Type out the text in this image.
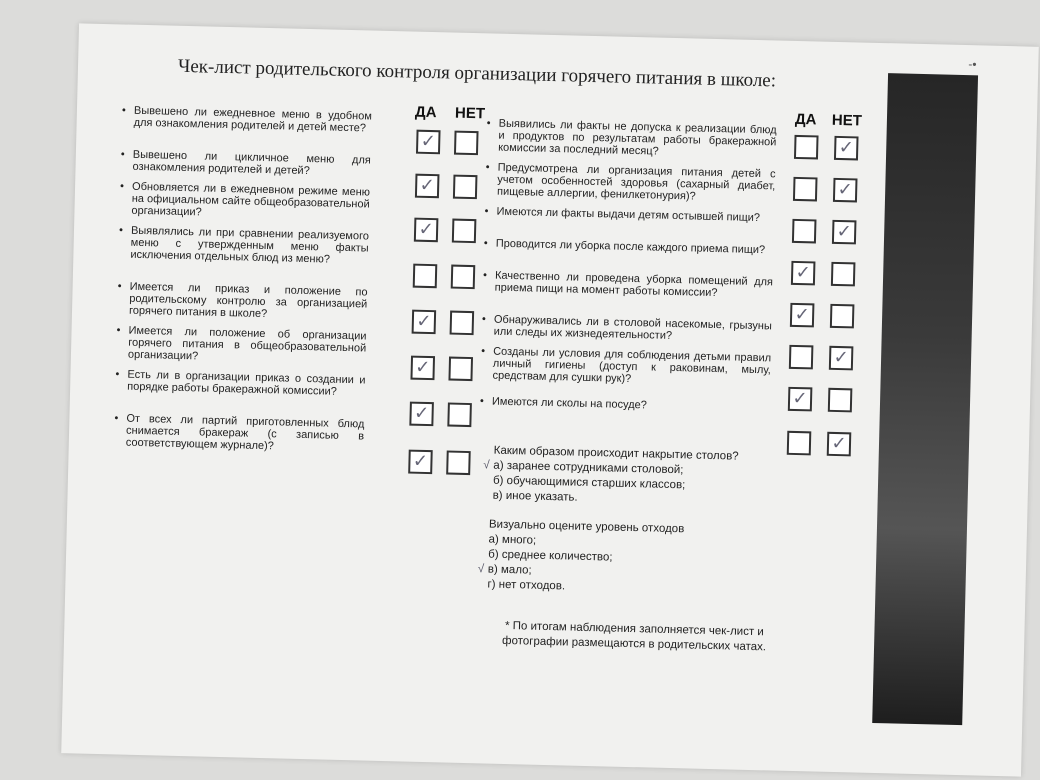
-•
Чек-лист родительского контроля организации горячего питания в школе:
ДА НЕТ	ДА НЕТ
• Вывешено ли ежедневное меню в удобном для ознакомления родителей и детей месте?
• Вывешено ли цикличное меню для ознакомления родителей и детей?
• Обновляется ли в ежедневном режиме меню на официальном сайте общеобразовательной организации?
• Выявлялись ли при сравнении реализуемого меню с утвержденным меню факты исключения отдельных блюд из меню?
• Имеется ли приказ и положение по родительскому контролю за организацией горячего питания в школе?
• Имеется ли положение об организации горячего питания в общеобразовательной организации?
• Есть ли в организации приказ о создании и порядке работы бракеражной комиссии?
• От всех ли партий приготовленных блюд снимается бракераж (с записью в соответствующем журнале)?
✓
✓
✓
✓
✓
✓
✓
• Выявились ли факты не допуска к реализации блюд и продуктов по результатам работы бракеражной комиссии за последний месяц?
• Предусмотрена ли организация питания детей с учетом особенностей здоровья (сахарный диабет, пищевые аллергии, фенилкетонурия)?
• Имеются ли факты выдачи детям остывшей пищи?
• Проводится ли уборка после каждого приема пищи?
• Качественно ли проведена уборка помещений для приема пищи на момент работы комиссии?
• Обнаруживались ли в столовой насекомые, грызуны или следы их жизнедеятельности?
• Созданы ли условия для соблюдения детьми правил личный гигиены (доступ к раковинам, мылу, средствам для сушки рук)?
• Имеются ли сколы на посуде?
✓
✓
✓
✓
✓
✓
✓
✓
Каким образом происходит накрытие столов?
√ а) заранее сотрудниками столовой;
б) обучающимися старших классов;
в) иное указать.
Визуально оцените уровень отходов
а) много;
б) среднее количество;
√ в) мало;
г) нет отходов.
* По итогам наблюдения заполняется чек-лист и фотографии размещаются в родительских чатах.
